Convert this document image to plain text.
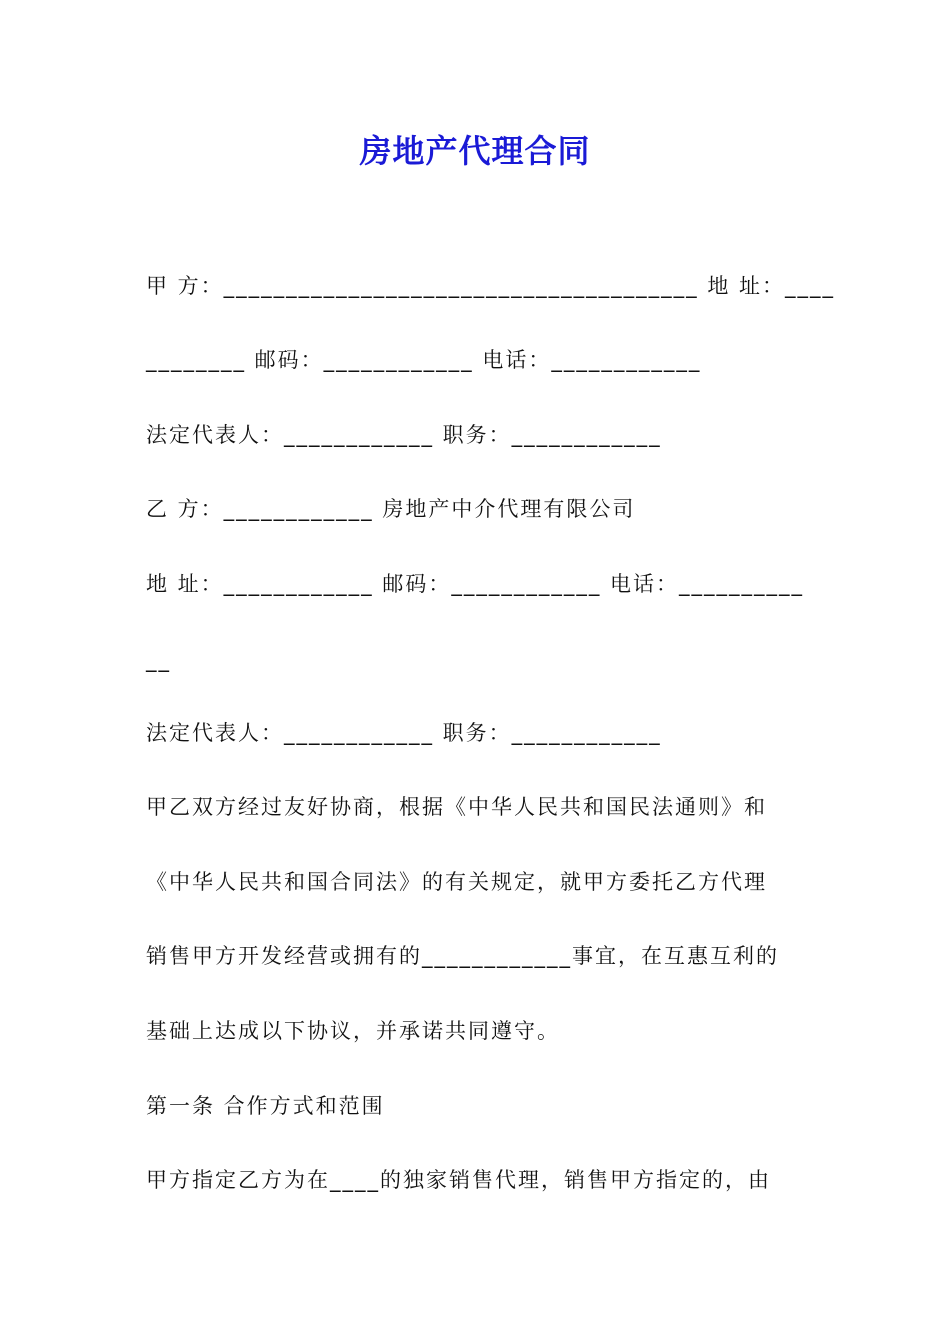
房地产代理合同
甲 方：______________________________________ 地 址：____
________ 邮码：____________ 电话：____________
法定代表人：____________ 职务：____________
乙 方：____________ 房地产中介代理有限公司
地 址：____________ 邮码：____________ 电话：__________
__
法定代表人：____________ 职务：____________
甲乙双方经过友好协商，根据《中华人民共和国民法通则》和
《中华人民共和国合同法》的有关规定，就甲方委托乙方代理
销售甲方开发经营或拥有的____________事宜，在互惠互利的
基础上达成以下协议，并承诺共同遵守。
第一条 合作方式和范围
甲方指定乙方为在____的独家销售代理，销售甲方指定的，由
